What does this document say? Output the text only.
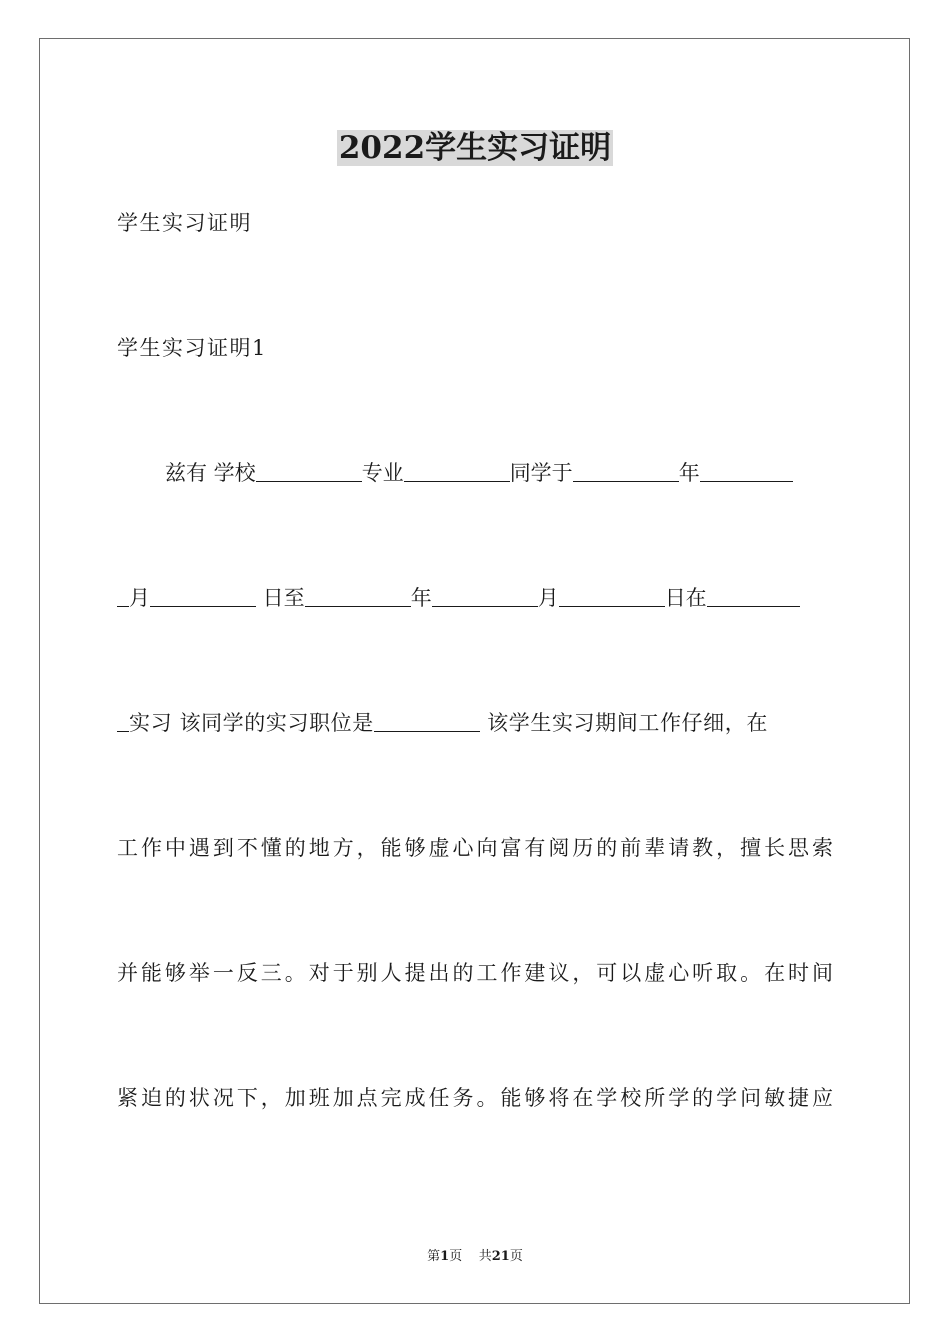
2022学生实习证明
学生实习证明
学生实习证明1
兹有 学校	专业	同学于	年
月	日至	年	月	日在
实习 该同学的实习职位是	该学生实习期间工作仔细，在
工作中遇到不懂的地方，能够虚心向富有阅历的前辈请教，擅长思索
并能够举一反三。对于别人提出的工作建议，可以虚心听取。在时间
紧迫的状况下，加班加点完成任务。能够将在学校所学的学问敏捷应
第1页 共21页
